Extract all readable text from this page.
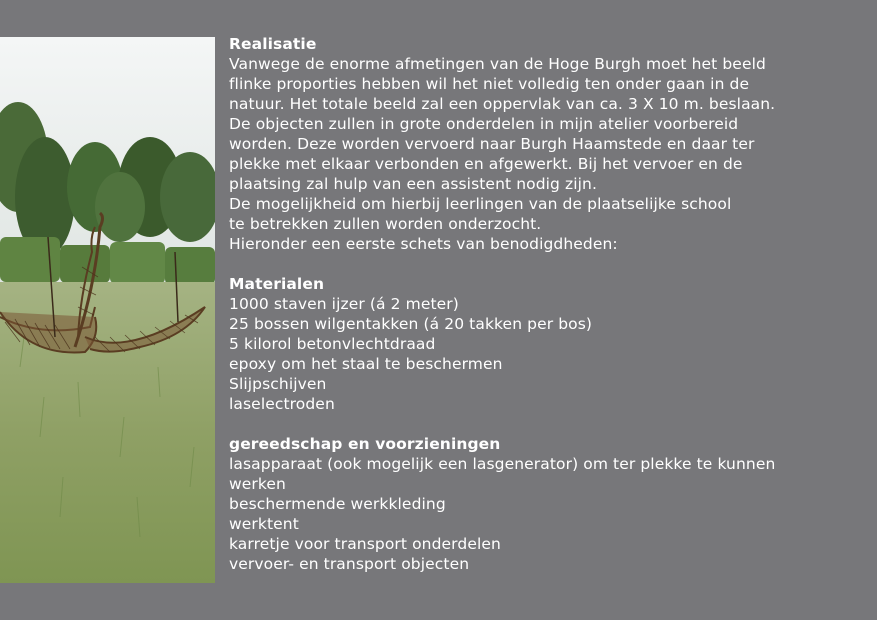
Realisatie
Vanwege de enorme afmetingen van de Hoge Burgh moet het beeld
flinke proporties hebben wil het niet volledig ten onder gaan in de
natuur. Het totale beeld zal een oppervlak van ca. 3 X 10 m. beslaan.
De objecten zullen in grote onderdelen in mijn atelier voorbereid
worden. Deze worden vervoerd naar Burgh Haamstede en daar ter
plekke met elkaar verbonden en afgewerkt. Bij het vervoer en de
plaatsing zal hulp van een assistent nodig zijn.
De mogelijkheid om hierbij leerlingen van de plaatselijke school
te betrekken zullen worden onderzocht.
Hieronder een eerste schets van benodigdheden:
Materialen
1000 staven ijzer (á 2 meter)
25 bossen wilgentakken (á 20 takken per bos)
5 kilorol betonvlechtdraad
epoxy om het staal te beschermen
Slijpschijven
laselectroden
gereedschap en voorzieningen
lasapparaat (ook mogelijk een lasgenerator) om ter plekke te kunnen
werken
beschermende werkkleding
werktent
karretje voor transport onderdelen
vervoer- en transport objecten
